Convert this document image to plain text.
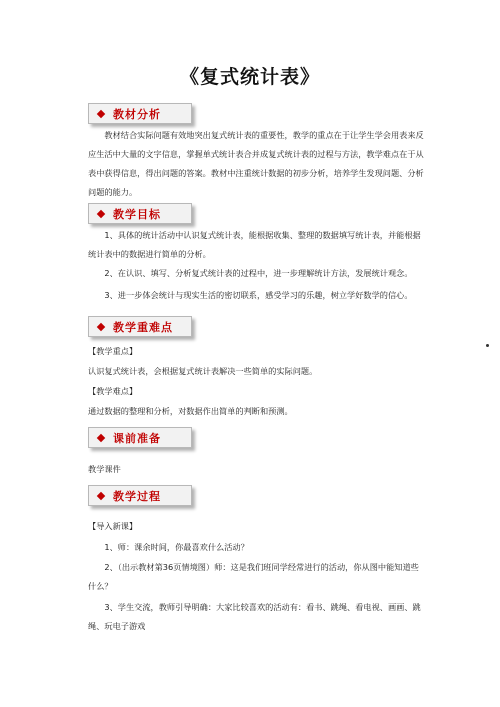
《复式统计表》
教材分析
教材结合实际问题有效地突出复式统计表的重要性，教学的重点在于让学生学会用表来反应生活中大量的文字信息，掌握单式统计表合并成复式统计表的过程与方法，教学难点在于从表中获得信息，得出问题的答案。教材中注重统计数据的初步分析，培养学生发现问题、分析问题的能力。
教学目标
1、具体的统计活动中认识复式统计表，能根据收集、整理的数据填写统计表，并能根据统计表中的数据进行简单的分析。
2、在认识、填写、分析复式统计表的过程中，进一步理解统计方法，发展统计观念。
3、进一步体会统计与现实生活的密切联系，感受学习的乐趣，树立学好数学的信心。
教学重难点
【教学重点】
认识复式统计表，会根据复式统计表解决一些简单的实际问题。
【教学难点】
通过数据的整理和分析，对数据作出简单的判断和预测。
课前准备
教学课件
教学过程
【导入新课】
1、师：课余时间，你最喜欢什么活动？
2、（出示教材第36页情境图）师：这是我们班同学经常进行的活动，你从图中能知道些什么？
3、学生交流，教师引导明确：大家比较喜欢的活动有：看书、跳绳、看电视、画画、跳绳、玩电子游戏
